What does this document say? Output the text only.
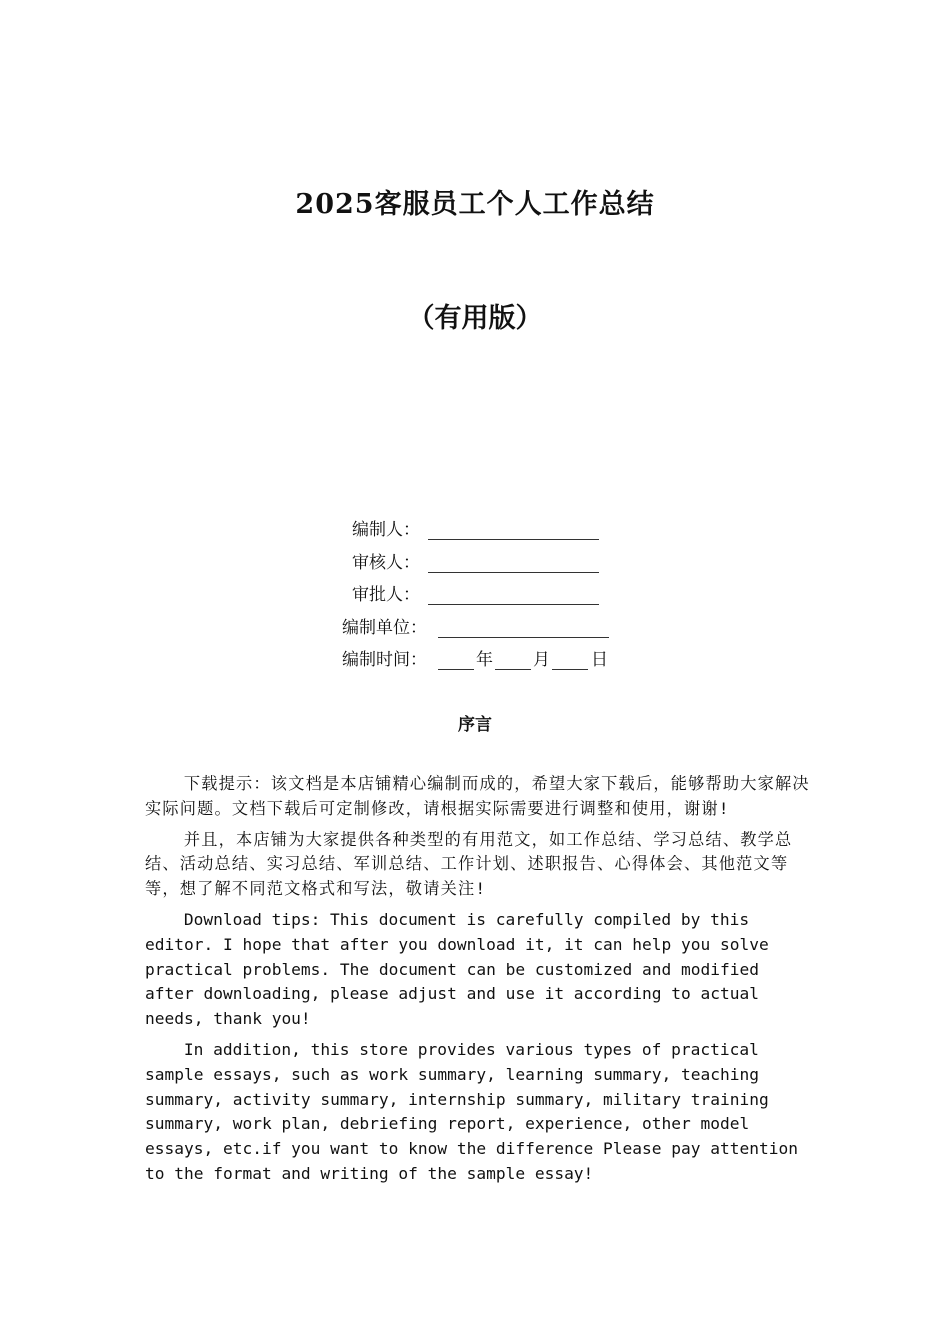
2025客服员工个人工作总结
（有用版）
编制人：
审核人：
审批人：
编制单位：
编制时间：	年 月 日
序言

下载提示：该文档是本店铺精心编制而成的，希望大家下载后，能够帮助大家解决实际问题。文档下载后可定制修改，请根据实际需要进行调整和使用，谢谢!

并且，本店铺为大家提供各种类型的有用范文，如工作总结、学习总结、教学总结、活动总结、实习总结、军训总结、工作计划、述职报告、心得体会、其他范文等等，想了解不同范文格式和写法，敬请关注!

Download tips: This document is carefully compiled by this editor. I hope that after you download it, it can help you solve practical problems. The document can be customized and modified after downloading, please adjust and use it according to actual needs, thank you!

In addition, this store provides various types of practical sample essays, such as work summary, learning summary, teaching summary, activity summary, internship summary, military training summary, work plan, debriefing report, experience, other model essays, etc.if you want to know the difference Please pay attention to the format and writing of the sample essay!
